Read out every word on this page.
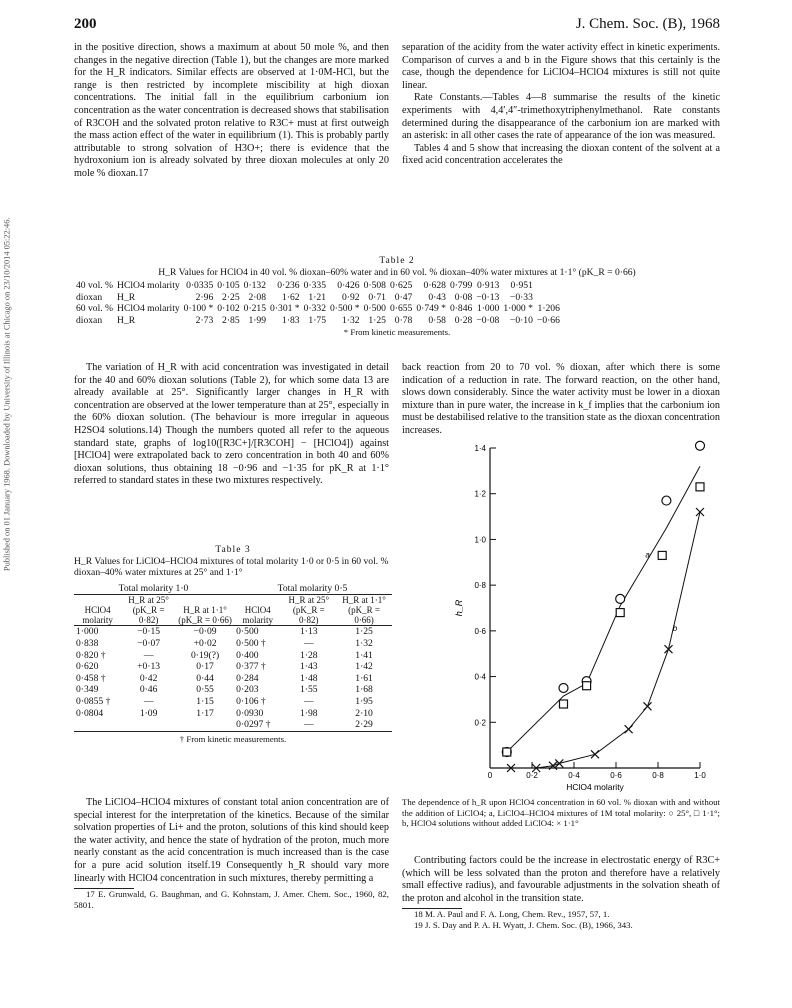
Published on 01 January 1968. Downloaded by University of Illinois at Chicago on 23/10/2014 05:22:46.
200	J. Chem. Soc. (B), 1968

in the positive direction, shows a maximum at about 50 mole %, and then changes in the negative direction (Table 1), but the changes are more marked for the H_R indicators. Similar effects are observed at 1·0M-HCl, but the range is then restricted by incomplete miscibility at high dioxan concentrations. The initial fall in the equilibrium carbonium ion concentration as the water concentration is decreased shows that stabilisation of R3COH and the solvated proton relative to R3C+ must at first outweigh the mass action effect of the water in equilibrium (1). This is probably partly attributable to strong solvation of H3O+; there is evidence that the hydroxonium ion is already solvated by three dioxan molecules at only 20 mole % dioxan.17

separation of the acidity from the water activity effect in kinetic experiments. Comparison of curves a and b in the Figure shows that this certainly is the case, though the dependence for LiClO4–HClO4 mixtures is still not quite linear.

Rate Constants.—Tables 4—8 summarise the results of the kinetic experiments with 4,4′,4″-trimethoxytriphenylmethanol. Rate constants determined during the disappearance of the carbonium ion are marked with an asterisk: in all other cases the rate of appearance of the ion was measured.

Tables 4 and 5 show that increasing the dioxan content of the solvent at a fixed acid concentration accelerates the

Table 2
H_R Values for HClO4 in 40 vol. % dioxan–60% water and in 60 vol. % dioxan–40% water mixtures at 1·1° (pK_R = 0·66)
40 vol. %	HClO4 molarity	0·0335	0·105	0·132	0·236	0·335	0·426	0·508	0·625	0·628	0·799	0·913	0·951	
dioxan	H_R	2·96	2·25	2·08	1·62	1·21	0·92	0·71	0·47	0·43	0·08	−0·13	−0·33	
60 vol. %	HClO4 molarity	0·100 *	0·102	0·215	0·301 *	0·332	0·500 *	0·500	0·655	0·749 *	0·846	1·000	1·000 *	1·206
dioxan	H_R	2·73	2·85	1·99	1·83	1·75	1·32	1·25	0·78	0·58	0·28	−0·08	−0·10	−0·66
* From kinetic measurements.

The variation of H_R with acid concentration was investigated in detail for the 40 and 60% dioxan solutions (Table 2), for which some data 13 are already available at 25°. Significantly larger changes in H_R with concentration are observed at the lower temperature than at 25°, especially in the 60% dioxan solution. (The behaviour is more irregular in aqueous H2SO4 solutions.14) Though the numbers quoted all refer to the aqueous standard state, graphs of log10([R3C+]/[R3COH] − [HClO4]) against [HClO4] were extrapolated back to zero concentration in both 40 and 60% dioxan solutions, thus obtaining 18 −0·96 and −1·35 for pK_R at 1·1° referred to standard states in these two mixtures respectively.

Table 3
H_R Values for LiClO4–HClO4 mixtures of total molarity 1·0 or 0·5 in 60 vol. % dioxan–40% water mixtures at 25° and 1·1°
Total molarity 1·0	Total molarity 0·5
HClO4 molarity	H_R at 25° (pK_R = 0·82)	H_R at 1·1° (pK_R = 0·66)	HClO4 molarity	H_R at 25° (pK_R = 0·82)	H_R at 1·1° (pK_R = 0·66)

1·000	−0·15	−0·09	0·500	1·13	1·25
0·838	−0·07	+0·02	0·500 †	—	1·32
0·820 †	—	0·19(?)	0·400	1·28	1·41
0·620	+0·13	0·17	0·377 †	1·43	1·42
0·458 †	0·42	0·44	0·284	1·48	1·61
0·349	0·46	0·55	0·203	1·55	1·68
0·0855 †	—	1·15	0·106 †	—	1·95
0·0804	1·09	1·17	0·0930	1·98	2·10
			0·0297 †	—	2·29

† From kinetic measurements.

The LiClO4–HClO4 mixtures of constant total anion concentration are of special interest for the interpretation of the kinetics. Because of the similar solvation properties of Li+ and the proton, solutions of this kind should keep the water activity, and hence the state of hydration of the proton, much more nearly constant as the acid concentration is much increased than is the case for a pure acid solution itself.19 Consequently h_R should vary more linearly with HClO4 concentration in such mixtures, thereby permitting a

17 E. Grunwald, G. Baughman, and G. Kohnstam, J. Amer. Chem. Soc., 1960, 82, 5801.

back reaction from 20 to 70 vol. % dioxan, after which there is some indication of a reduction in rate. The forward reaction, on the other hand, slows down considerably. Since the water activity must be lower in a dioxan mixture than in pure water, the increase in k_f implies that the carbonium ion must be destabilised relative to the transition state as the dioxan concentration increases.

0·2
0·4
0·6
0·8
1·0
1·2
1·4
0	0·2	0·4	0·6	0·8	1·0
HClO4 molarity
h_R
a
b
The dependence of h_R upon HClO4 concentration in 60 vol. % dioxan with and without the addition of LiClO4; a, LiClO4–HClO4 mixtures of 1M total molarity: ○ 25°, □ 1·1°; b, HClO4 solutions without added LiClO4: × 1·1°

Contributing factors could be the increase in electrostatic energy of R3C+ (which will be less solvated than the proton and therefore have a relatively small effective radius), and favourable adjustments in the solvation sheath of the proton and alcohol in the transition state.

18 M. A. Paul and F. A. Long, Chem. Rev., 1957, 57, 1.

19 J. S. Day and P. A. H. Wyatt, J. Chem. Soc. (B), 1966, 343.
